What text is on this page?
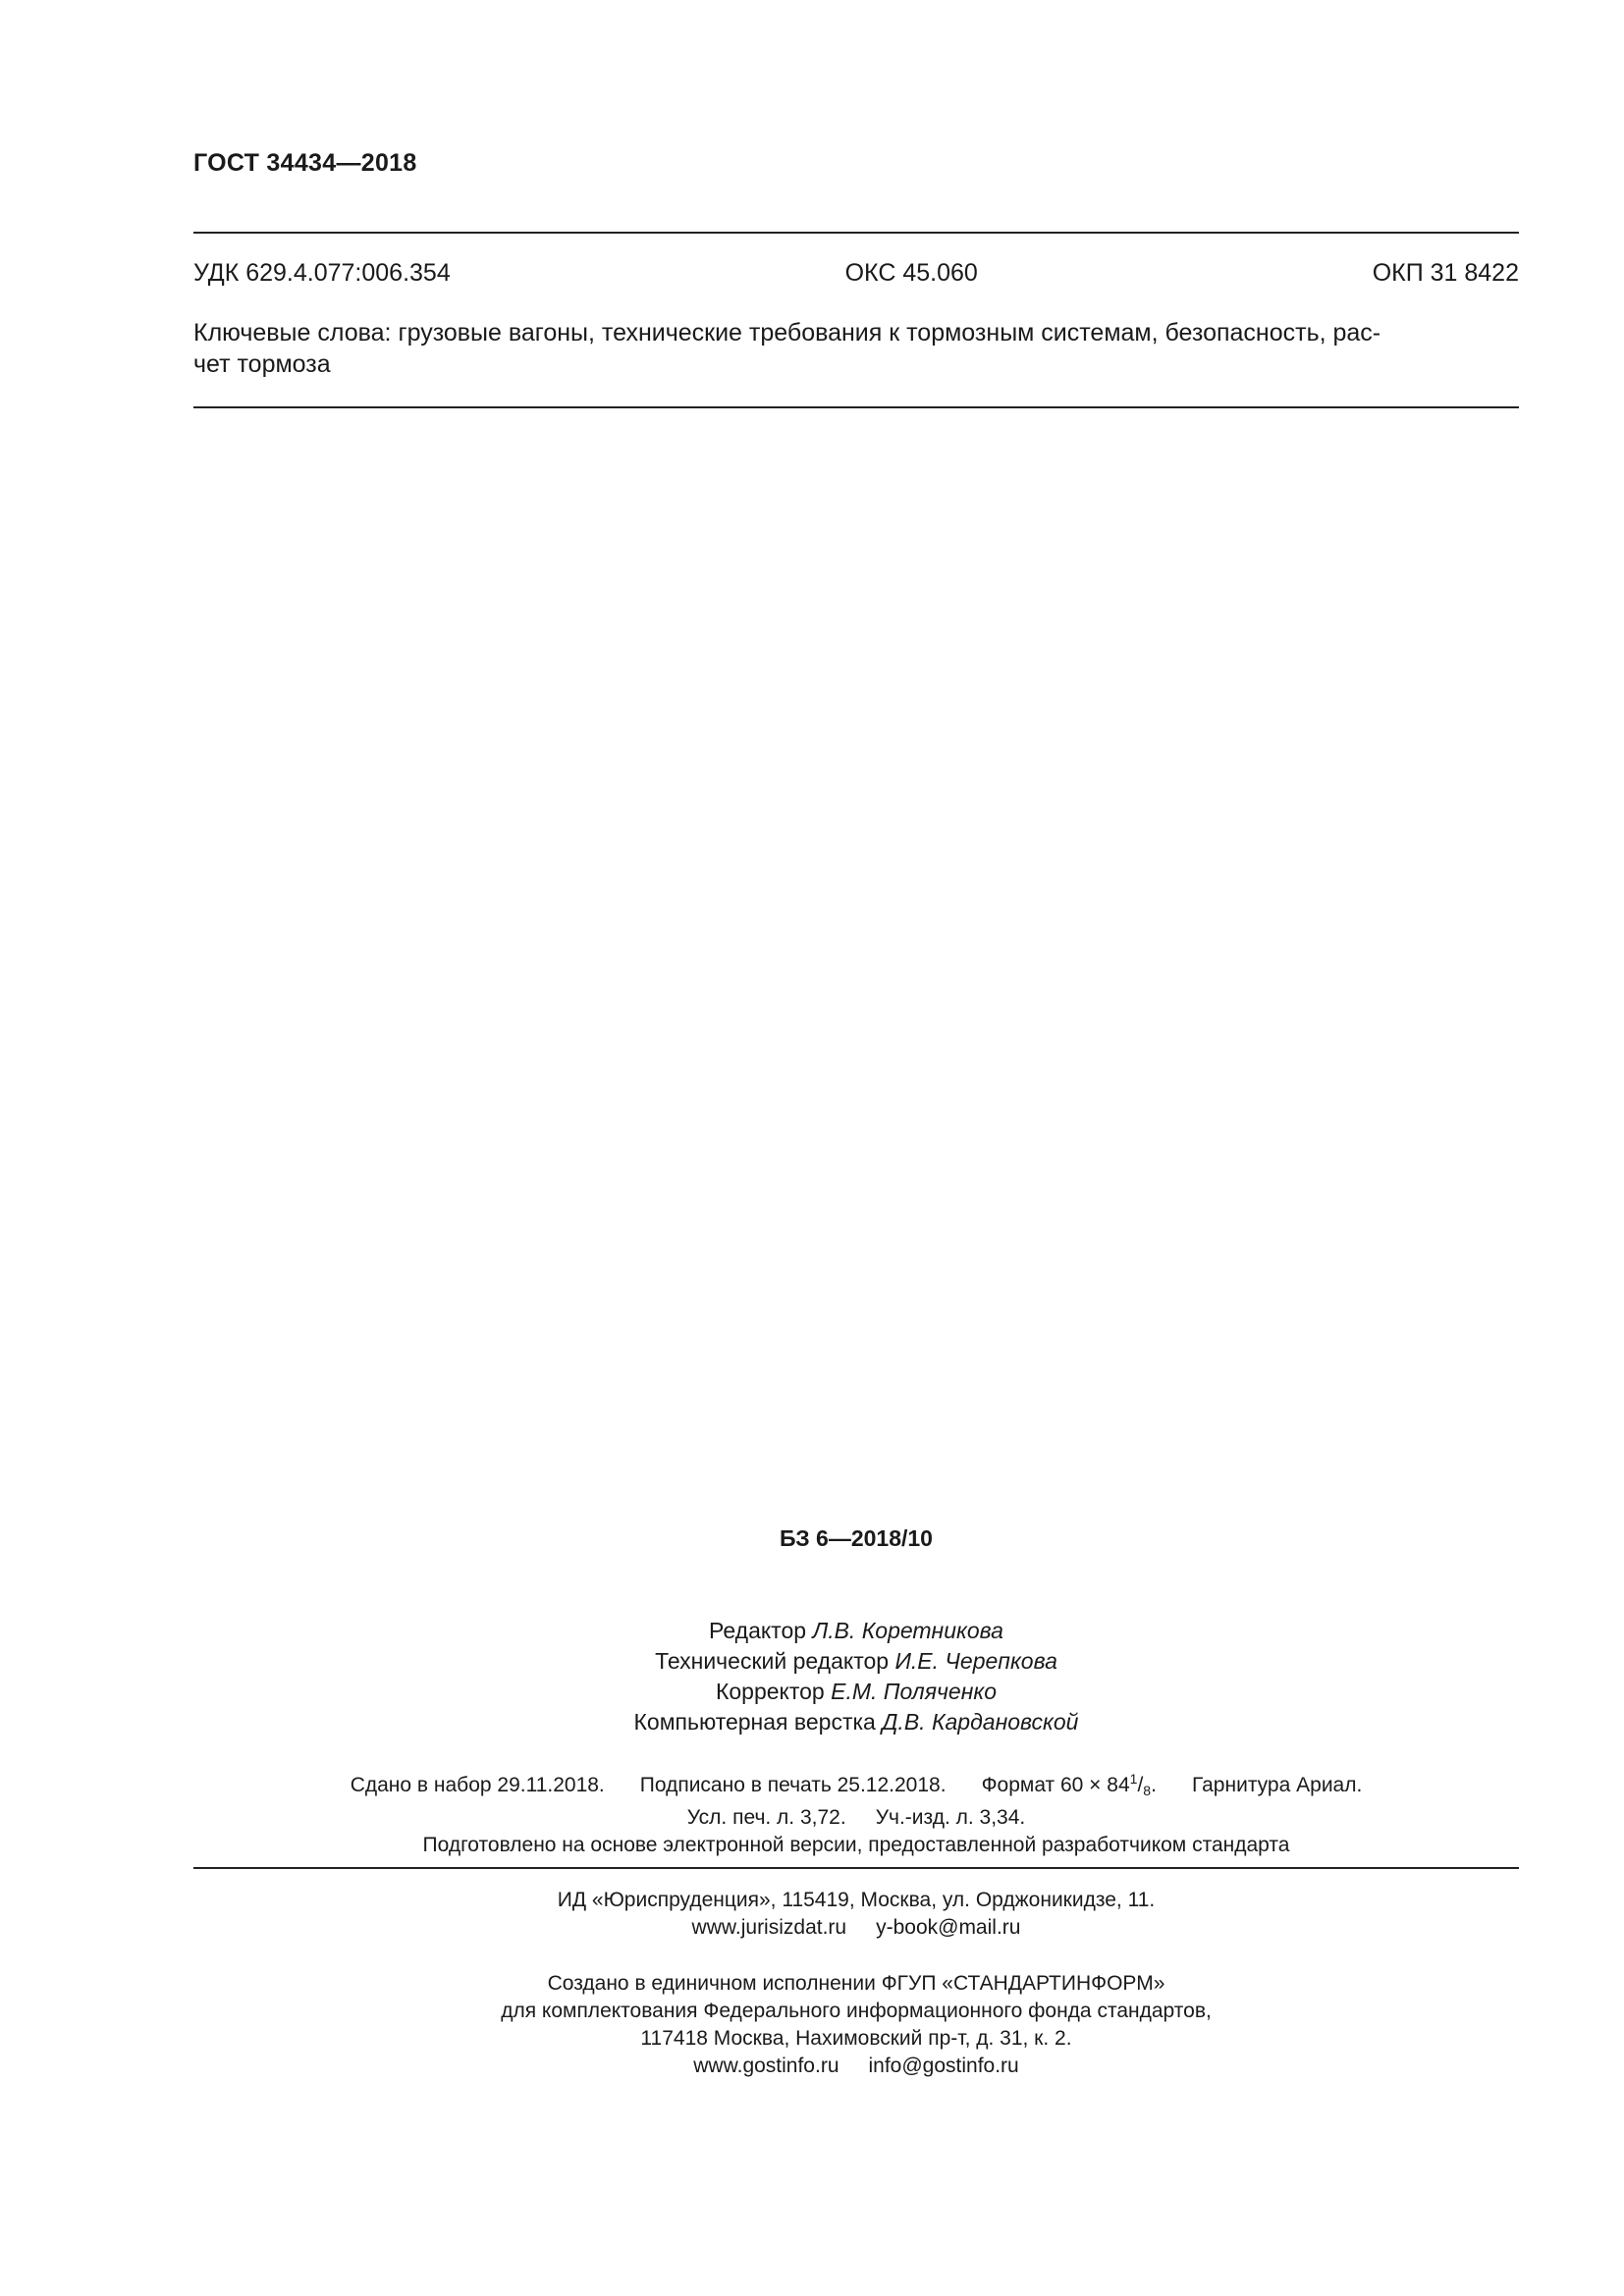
ГОСТ 34434—2018
УДК 629.4.077:006.354	ОКС 45.060	ОКП 31 8422
Ключевые слова: грузовые вагоны, технические требования к тормозным системам, безопасность, рас-
чет тормоза
БЗ 6—2018/10
Редактор Л.В. Коретникова
Технический редактор И.Е. Черепкова
Корректор Е.М. Поляченко
Компьютерная верстка Д.В. Кардановской
Сдано в набор 29.11.2018. Подписано в печать 25.12.2018. Формат $60 \times 84^1/_8$. Гарнитура Ариал.
Усл. печ. л. 3,72. Уч.-изд. л. 3,34.
Подготовлено на основе электронной версии, предоставленной разработчиком стандарта
ИД «Юриспруденция», 115419, Москва, ул. Орджоникидзе, 11.
www.jurisizdat.ru y-book@mail.ru
Создано в единичном исполнении ФГУП «СТАНДАРТИНФОРМ»
для комплектования Федерального информационного фонда стандартов,
117418 Москва, Нахимовский пр-т, д. 31, к. 2.
www.gostinfo.ru info@gostinfo.ru
